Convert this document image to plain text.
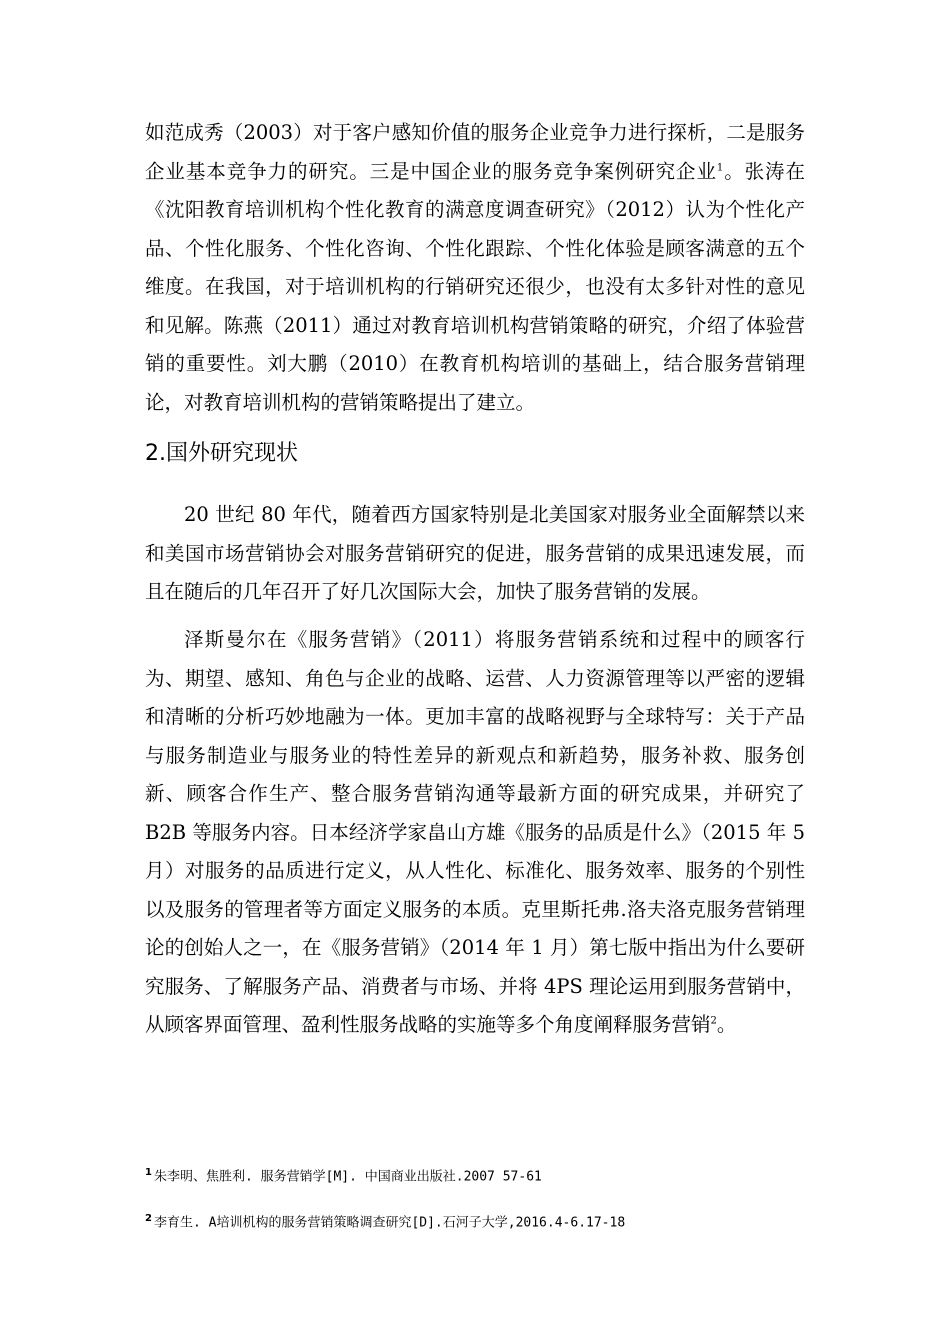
如范成秀（2003）对于客户感知价值的服务企业竞争力进行探析，二是服务企业基本竞争力的研究。三是中国企业的服务竞争案例研究企业$^1$。张涛在《沈阳教育培训机构个性化教育的满意度调查研究》（2012）认为个性化产品、个性化服务、个性化咨询、个性化跟踪、个性化体验是顾客满意的五个维度。在我国，对于培训机构的行销研究还很少，也没有太多针对性的意见和见解。陈燕（2011）通过对教育培训机构营销策略的研究，介绍了体验营销的重要性。刘大鹏（2010）在教育机构培训的基础上，结合服务营销理论，对教育培训机构的营销策略提出了建立。

2.国外研究现状

20 世纪 80 年代，随着西方国家特别是北美国家对服务业全面解禁以来和美国市场营销协会对服务营销研究的促进，服务营销的成果迅速发展，而且在随后的几年召开了好几次国际大会，加快了服务营销的发展。

泽斯曼尔在《服务营销》（2011）将服务营销系统和过程中的顾客行为、期望、感知、角色与企业的战略、运营、人力资源管理等以严密的逻辑和清晰的分析巧妙地融为一体。更加丰富的战略视野与全球特写：关于产品与服务制造业与服务业的特性差异的新观点和新趋势，服务补救、服务创新、顾客合作生产、整合服务营销沟通等最新方面的研究成果，并研究了 B2B 等服务内容。日本经济学家畠山方雄《服务的品质是什么》（2015 年 5 月）对服务的品质进行定义，从人性化、标准化、服务效率、服务的个别性以及服务的管理者等方面定义服务的本质。克里斯托弗.洛夫洛克服务营销理论的创始人之一，在《服务营销》（2014 年 1 月）第七版中指出为什么要研究服务、了解服务产品、消费者与市场、并将 4PS 理论运用到服务营销中，从顾客界面管理、盈利性服务战略的实施等多个角度阐释服务营销$^2$。

$^1$ 朱李明、焦胜利. 服务营销学[M]. 中国商业出版社.2007 57-61

$^2$ 李育生. A培训机构的服务营销策略调查研究[D].石河子大学,2016.4-6.17-18
